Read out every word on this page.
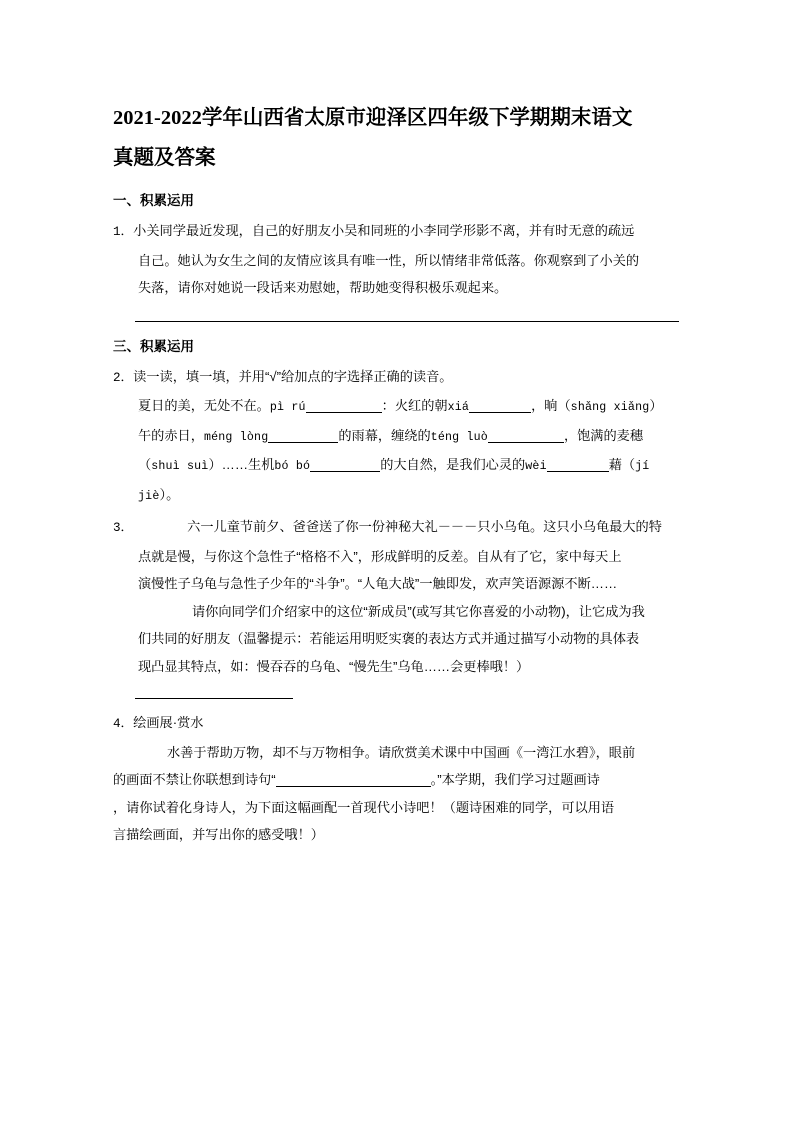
2021-2022学年山西省太原市迎泽区四年级下学期期末语文
真题及答案
一、积累运用
1．小关同学最近发现，自己的好朋友小吴和同班的小李同学形影不离，并有时无意的疏远
自己。她认为女生之间的友情应该具有唯一性，所以情绪非常低落。你观察到了小关的
失落，请你对她说一段话来劝慰她，帮助她变得积极乐观起来。
三、积累运用
2．读一读，填一填，并用“√”给加点的字选择正确的读音。
夏日的美，无处不在。pì rú	：火红的朝xiá	，晌（shǎng xiǎng）
午的赤日，méng lòng	的雨幕，缠绕的téng luò	，饱满的麦穗
（shuì suì）……生机bó bó	的大自然，是我们心灵的wèi	藉（jí
jiè）。
3．	六一儿童节前夕、爸爸送了你一份神秘大礼－－－只小乌龟。这只小乌龟最大的特
点就是慢，与你这个急性子“格格不入”，形成鲜明的反差。自从有了它，家中每天上
演慢性子乌龟与急性子少年的“斗争”。“人龟大战”一触即发，欢声笑语源源不断……
请你向同学们介绍家中的这位“新成员”(或写其它你喜爱的小动物)，让它成为我
们共同的好朋友（温馨提示：若能运用明贬实褒的表达方式并通过描写小动物的具体表
现凸显其特点，如：慢吞吞的乌龟、“慢先生”乌龟……会更棒哦！）
4．绘画展·赏水
水善于帮助万物，却不与万物相争。请欣赏美术课中中国画《一湾江水碧》，眼前
的画面不禁让你联想到诗句“	。”本学期，我们学习过题画诗
，请你试着化身诗人，为下面这幅画配一首现代小诗吧！（题诗困难的同学，可以用语
言描绘画面，并写出你的感受哦！）
